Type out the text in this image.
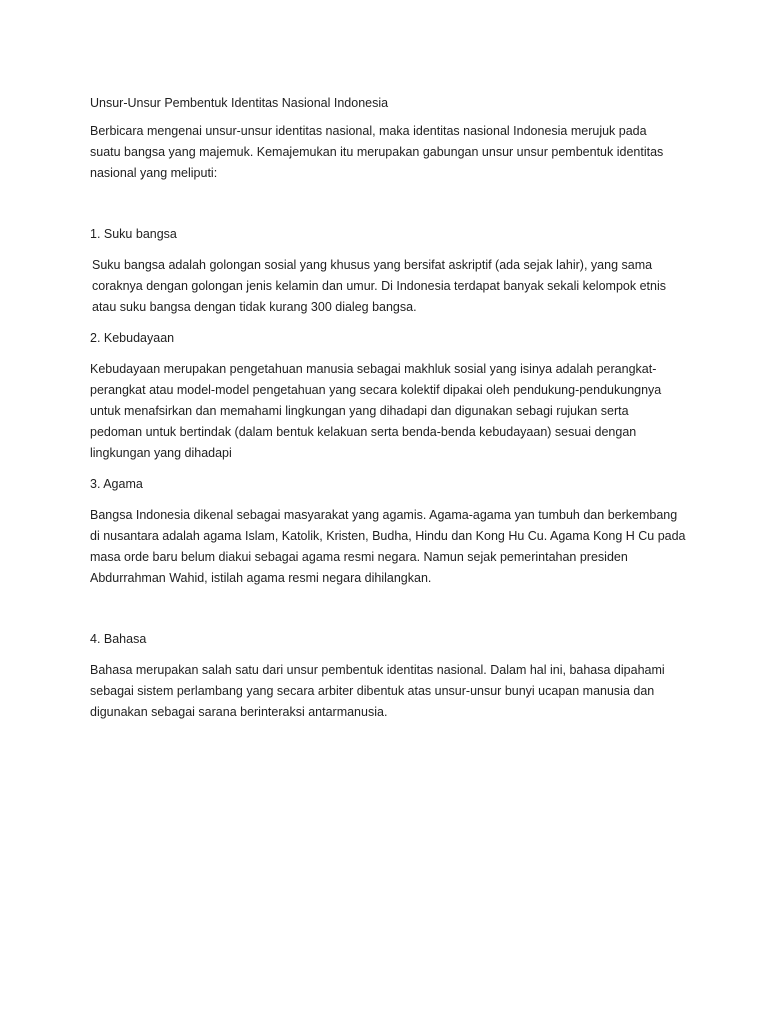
Unsur-Unsur Pembentuk Identitas Nasional Indonesia
Berbicara mengenai unsur-unsur identitas nasional, maka identitas nasional Indonesia merujuk pada
suatu bangsa yang majemuk. Kemajemukan itu merupakan gabungan unsur unsur pembentuk identitas
nasional yang meliputi:
1. Suku bangsa
Suku bangsa adalah golongan sosial yang khusus yang bersifat askriptif (ada sejak lahir), yang sama
coraknya dengan golongan jenis kelamin dan umur. Di Indonesia terdapat banyak sekali kelompok etnis
atau suku bangsa dengan tidak kurang 300 dialeg bangsa.
2. Kebudayaan
Kebudayaan merupakan pengetahuan manusia sebagai makhluk sosial yang isinya adalah perangkat-
perangkat atau model-model pengetahuan yang secara kolektif dipakai oleh pendukung-pendukungnya
untuk menafsirkan dan memahami lingkungan yang dihadapi dan digunakan sebagi rujukan serta
pedoman untuk bertindak (dalam bentuk kelakuan serta benda-benda kebudayaan) sesuai dengan
lingkungan yang dihadapi
3. Agama
Bangsa Indonesia dikenal sebagai masyarakat yang agamis. Agama-agama yan tumbuh dan berkembang
di nusantara adalah agama Islam, Katolik, Kristen, Budha, Hindu dan Kong Hu Cu. Agama Kong H Cu pada
masa orde baru belum diakui sebagai agama resmi negara. Namun sejak pemerintahan presiden
Abdurrahman Wahid, istilah agama resmi negara dihilangkan.
4. Bahasa
Bahasa merupakan salah satu dari unsur pembentuk identitas nasional. Dalam hal ini, bahasa dipahami
sebagai sistem perlambang yang secara arbiter dibentuk atas unsur-unsur bunyi ucapan manusia dan
digunakan sebagai sarana berinteraksi antarmanusia.
